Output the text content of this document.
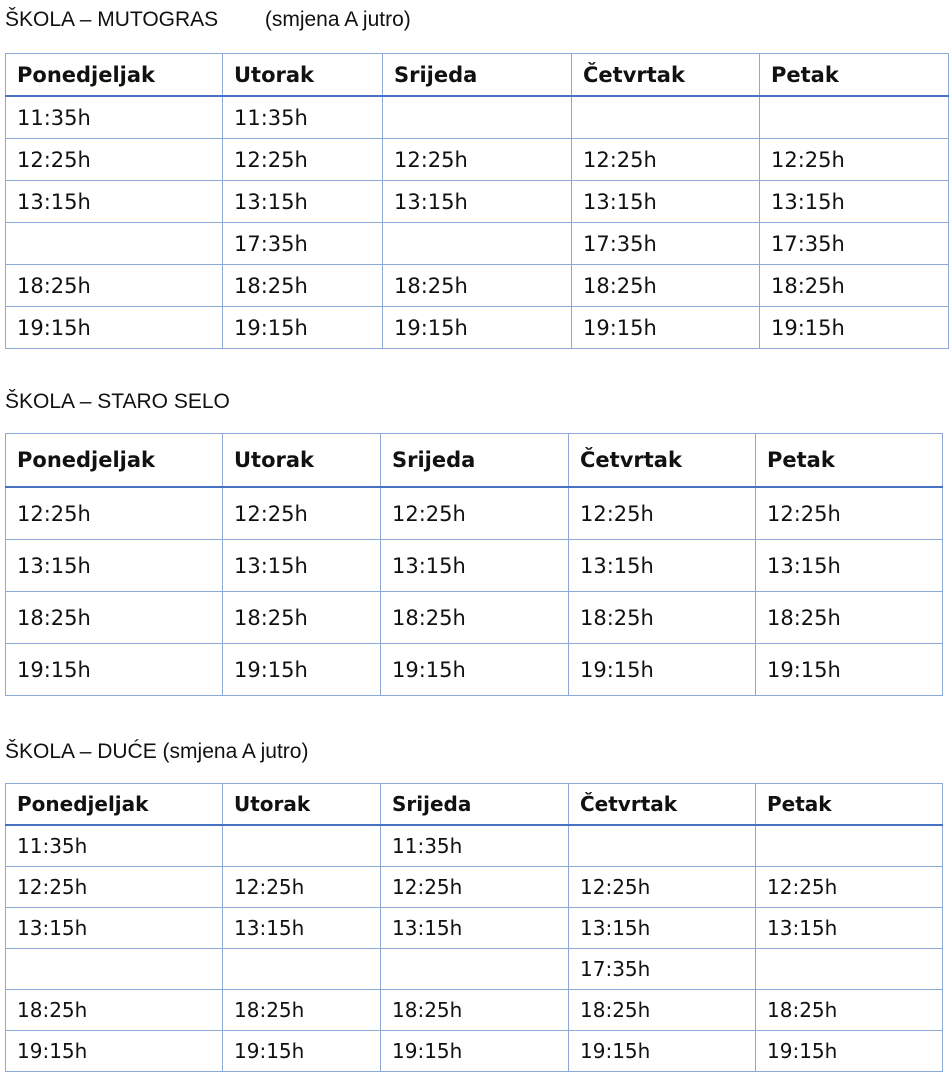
ŠKOLA – MUTOGRAS        (smjena A jutro)
Ponedjeljak	Utorak	Srijeda	Četvrtak	Petak
11:35h	11:35h			
12:25h	12:25h	12:25h	12:25h	12:25h
13:15h	13:15h	13:15h	13:15h	13:15h
	17:35h		17:35h	17:35h
18:25h	18:25h	18:25h	18:25h	18:25h
19:15h	19:15h	19:15h	19:15h	19:15h
ŠKOLA – STARO SELO
Ponedjeljak	Utorak	Srijeda	Četvrtak	Petak
12:25h	12:25h	12:25h	12:25h	12:25h
13:15h	13:15h	13:15h	13:15h	13:15h
18:25h	18:25h	18:25h	18:25h	18:25h
19:15h	19:15h	19:15h	19:15h	19:15h
ŠKOLA – DUĆE (smjena A jutro)
Ponedjeljak	Utorak	Srijeda	Četvrtak	Petak
11:35h		11:35h		
12:25h	12:25h	12:25h	12:25h	12:25h
13:15h	13:15h	13:15h	13:15h	13:15h
			17:35h	
18:25h	18:25h	18:25h	18:25h	18:25h
19:15h	19:15h	19:15h	19:15h	19:15h
